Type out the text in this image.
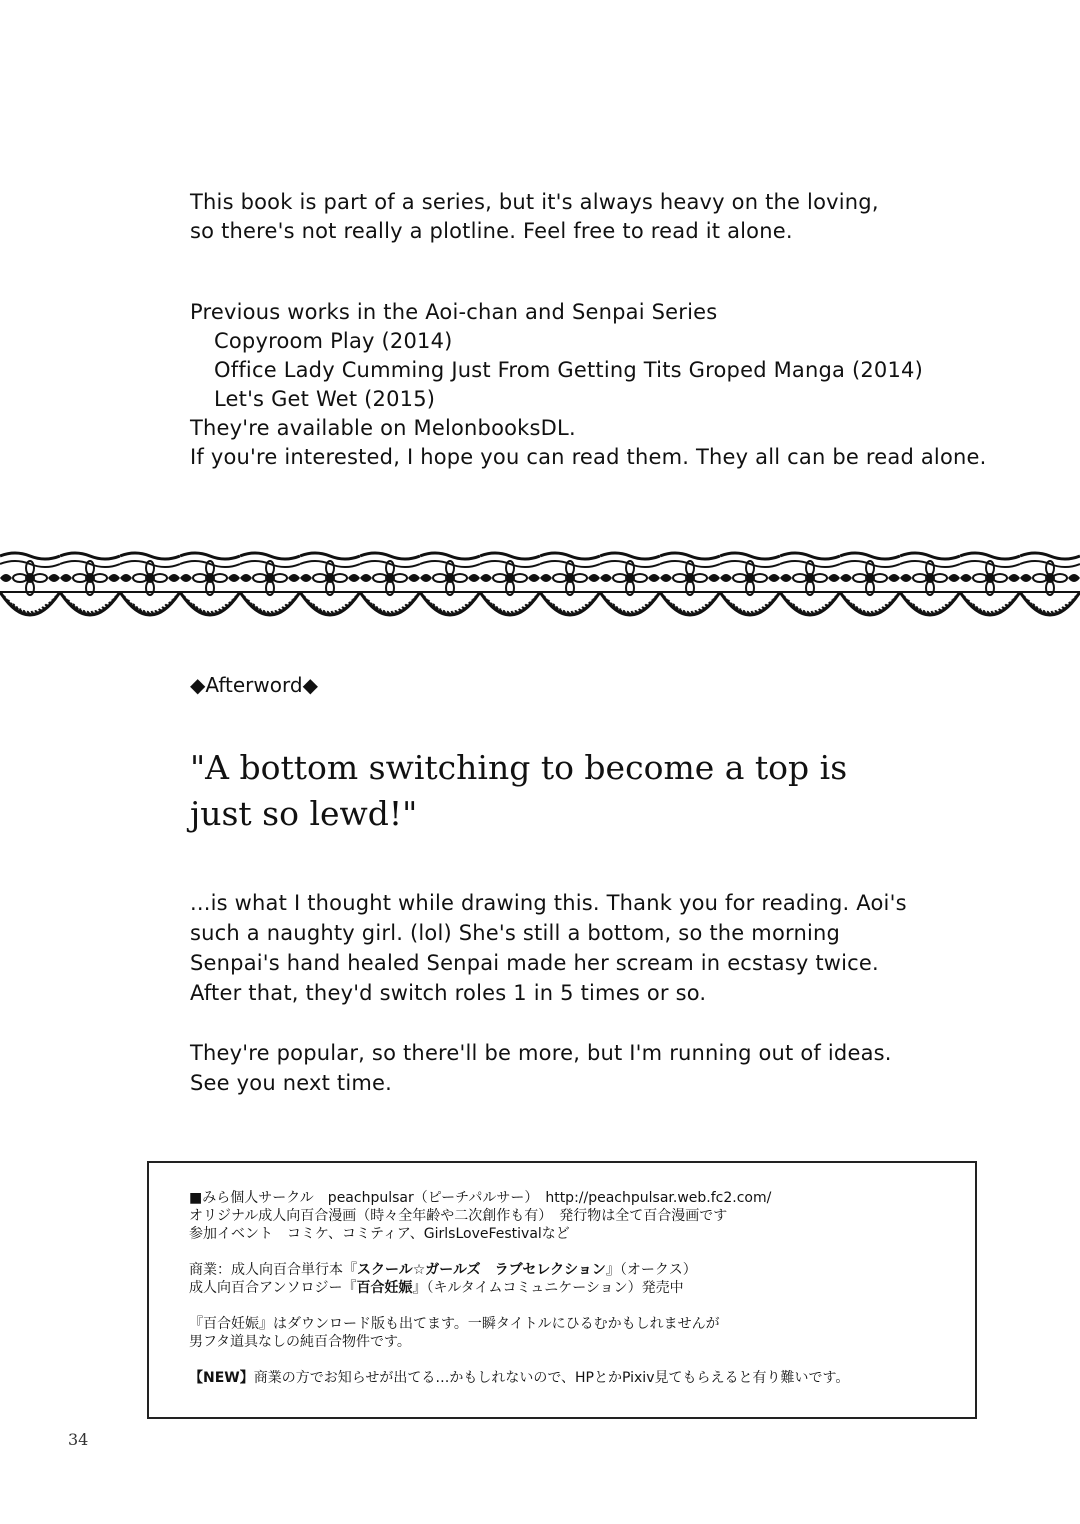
This book is part of a series, but it's always heavy on the loving,

so there's not really a plotline. Feel free to read it alone.

Previous works in the Aoi-chan and Senpai Series

Copyroom Play (2014)

Office Lady Cumming Just From Getting Tits Groped Manga (2014)

Let's Get Wet (2015)

They're available on MelonbooksDL.

If you're interested, I hope you can read them. They all can be read alone.

◆Afterword◆
"A bottom switching to become a top is
just so lewd!"

...is what I thought while drawing this. Thank you for reading. Aoi's

such a naughty girl. (lol) She's still a bottom, so the morning

Senpai's hand healed Senpai made her scream in ecstasy twice.

After that, they'd switch roles 1 in 5 times or so.

They're popular, so there'll be more, but I'm running out of ideas.

See you next time.

■みら個人サークル　peachpulsar（ピーチパルサー）　http://peachpulsar.web.fc2.com/

オリジナル成人向百合漫画（時々全年齢や二次創作も有）　発行物は全て百合漫画です

参加イベント　コミケ、コミティア、GirlsLoveFestivalなど

商業：成人向百合単行本『スクール☆ガールズ　ラブセレクション』（オークス）

成人向百合アンソロジー『百合妊娠』（キルタイムコミュニケーション）発売中

『百合妊娠』はダウンロード版も出てます。一瞬タイトルにひるむかもしれませんが

男フタ道具なしの純百合物件です。

【NEW】商業の方でお知らせが出てる…かもしれないので、HPとかPixiv見てもらえると有り難いです。

34
